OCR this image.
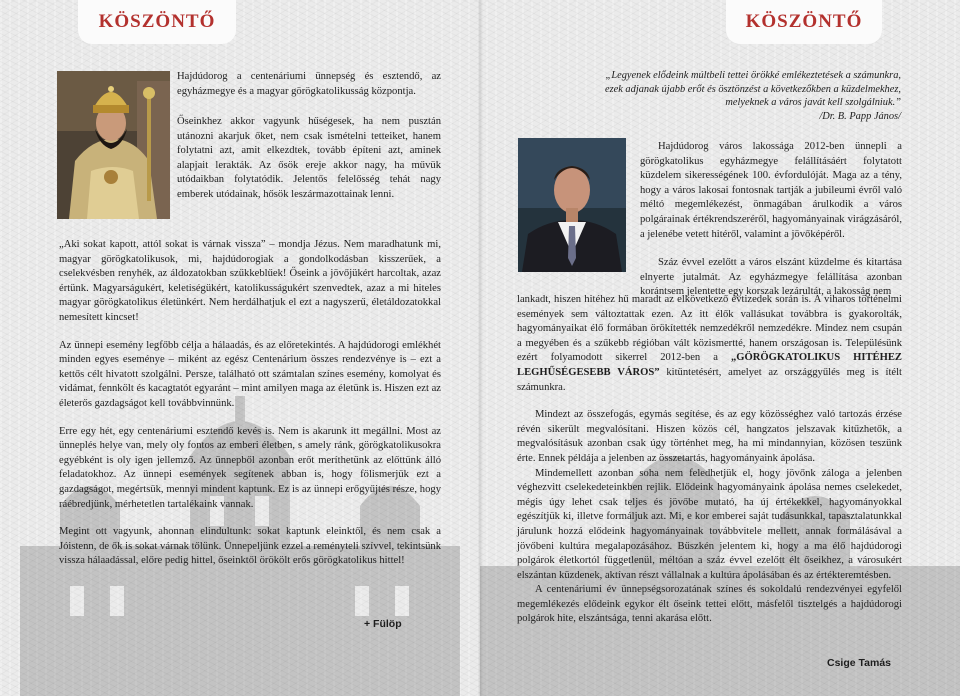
KÖSZÖNTŐ
Hajdúdorog a centenáriumi ünnepség és esztendő, az egyházmegye és a magyar görögkatolikusság központja.
Őseinkhez akkor vagyunk hűségesek, ha nem pusztán utánozni akarjuk őket, nem csak ismételni tetteiket, hanem folytatni azt, amit elkezdtek, tovább építeni azt, aminek alapjait lerakták. Az ősök ereje akkor nagy, ha művük utódaikban folytatódik. Jelentős felelősség tehát nagy emberek utódainak, hősök leszármazottainak lenni.

„Aki sokat kapott, attól sokat is várnak vissza” – mondja Jézus. Nem maradhatunk mi, magyar görögkatolikusok, mi, hajdúdorogiak a gondolkodásban kisszerűek, a cselekvésben renyhék, az áldozatokban szűkkeblűek! Őseink a jövőjükért harcoltak, azaz értünk. Magyarságukért, keletiségükért, katolikusságukért szenvedtek, azaz a mi hiteles magyar görögkatolikus életünkért. Nem herdálhatjuk el ezt a nagyszerű, életáldozatokkal nemesített kincset!

Az ünnepi esemény legfőbb célja a hálaadás, és az előretekintés. A hajdúdorogi emlékhét minden egyes eseménye – miként az egész Centenárium összes rendezvénye is – ezt a kettős célt hivatott szolgálni. Persze, található ott számtalan színes esemény, komolyat és vidámat, fennkölt és kacagtatót egyaránt – mint amilyen maga az életünk is. Hiszen ezt az életerős gazdagságot kell továbbvinnünk.

Erre egy hét, egy centenáriumi esztendő kevés is. Nem is akarunk itt megállni. Most az ünneplés helye van, mely oly fontos az emberi életben, s amely ránk, görögkatolikusokra egyébként is oly igen jellemző. Az ünnepből azonban erőt meríthetünk az előttünk álló feladatokhoz. Az ünnepi események segítenek abban is, hogy fölismerjük ezt a gazdagságot, megértsük, mennyi mindent kaptunk. Ez is az ünnepi erőgyűjtés része, hogy ráébredjünk, mérhetetlen tartalékaink vannak.

Megint ott vagyunk, ahonnan elindultunk: sokat kaptunk eleinktől, és nem csak a Jóistenn, de ők is sokat várnak tőlünk. Ünnepeljünk ezzel a reményteli szívvel, tekintsünk vissza hálaadással, előre pedig hittel, őseinktől örökölt erős görögkatolikus hittel!

+ Fülöp
KÖSZÖNTŐ
„Legyenek elődeink múltbeli tettei örökké emlékeztetések a számunkra,
ezek adjanak újabb erőt és ösztönzést a következőkben a küzdelmekhez,
melyeknek a város javát kell szolgálniuk.”
/Dr. B. Papp János/
Hajdúdorog város lakossága 2012-ben ünnepli a görögkatolikus egyházmegye felállításáért folytatott küzdelem sikerességének 100. évfordulóját. Maga az a tény, hogy a város lakosai fontosnak tartják a jubileumi évről való méltó megemlékezést, önmagában árulkodik a város polgárainak értékrendszeréről, hagyományainak virágzásáról, a jelenébe vetett hitéről, valamint a jövőképéről.
Száz évvel ezelőtt a város elszánt küzdelme és kitartása elnyerte jutalmát. Az egyházmegye felállítása azonban korántsem jelentette egy korszak lezárultát, a lakosság nem

lankadt, hiszen hitéhez hű maradt az elkövetkező évtizedek során is. A viharos történelmi események sem változtattak ezen. Az itt élők vallásukat továbbra is gyakorolták, hagyományaikat élő formában örökítették nemzedékről nemzedékre. Mindez nem csupán a megyében és a szűkebb régióban vált közismertté, hanem országosan is. Településünk ezért folyamodott sikerrel 2012-ben a „GÖRÖGKATOLIKUS HITÉHEZ LEGHŰSÉGESEBB VÁROS” kitüntetésért, amelyet az országgyűlés meg is ítélt számunkra.

Mindezt az összefogás, egymás segítése, és az egy közösséghez való tartozás érzése révén sikerült megvalósítani. Hiszen közös cél, hangzatos jelszavak kitűzhetők, a megvalósításuk azonban csak úgy történhet meg, ha mi mindannyian, közösen teszünk érte. Ennek példája a jelenben az összetartás, hagyományaink ápolása.

Mindemellett azonban soha nem feledhetjük el, hogy jövőnk záloga a jelenben véghezvitt cselekedeteinkben rejlik. Elődeink hagyományaink ápolása nemes cselekedet, mégis úgy lehet csak teljes és jövőbe mutató, ha új értékekkel, hagyományokkal egészítjük ki, illetve formáljuk azt. Mi, e kor emberei saját tudásunkkal, tapasztalatunkkal járulunk hozzá elődeink hagyományainak továbbvitele mellett, annak formálásával a jövőbeni kultúra megalapozásához. Büszkén jelentem ki, hogy a ma élő hajdúdorogi polgárok életkortól függetlenül, méltóan a száz évvel ezelőtt élt őseikhez, a városukért elszántan küzdenek, aktívan részt vállalnak a kultúra ápolásában és az értékteremtésben.

A centenáriumi év ünnepségsorozatának színes és sokoldalú rendezvényei egyfelől megemlékezés elődeink egykor élt őseink tettei előtt, másfelől tisztelgés a hajdúdorogi polgárok hite, elszántsága, tenni akarása előtt.

Csige Tamás
